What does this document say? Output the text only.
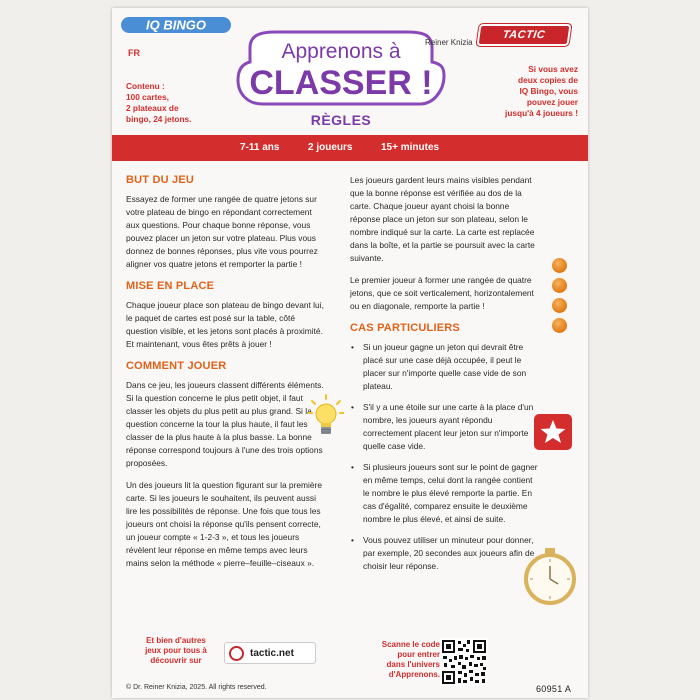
IQ BINGO
FR
Contenu :
100 cartes,
2 plateaux de
bingo, 24 jetons.
Apprenons à
CLASSER !
RÈGLES
Reiner Knizia
TACTIC
Si vous avez
deux copies de
IQ Bingo, vous
pouvez jouer
jusqu'à 4 joueurs !
7-11 ans	2 joueurs	15+ minutes
BUT DU JEU

Essayez de former une rangée de quatre jetons sur votre plateau de bingo en répondant correctement aux questions. Pour chaque bonne réponse, vous pouvez placer un jeton sur votre plateau. Plus vous donnez de bonnes réponses, plus vite vous pourrez aligner vos quatre jetons et remporter la partie !

MISE EN PLACE

Chaque joueur place son plateau de bingo devant lui, le paquet de cartes est posé sur la table, côté question visible, et les jetons sont placés à proximité. Et maintenant, vous êtes prêts à jouer !

COMMENT JOUER

Dans ce jeu, les joueurs classent différents éléments. Si la question concerne le plus petit objet, il faut classer les objets du plus petit au plus grand. Si la question concerne la tour la plus haute, il faut les classer de la plus haute à la plus basse. La bonne réponse correspond toujours à l'une des trois options proposées.

Un des joueurs lit la question figurant sur la première carte. Si les joueurs le souhaitent, ils peuvent aussi lire les possibilités de réponse. Une fois que tous les joueurs ont choisi la réponse qu'ils pensent correcte, un joueur compte « 1-2-3 », et tous les joueurs révèlent leur réponse en même temps avec leurs mains selon la méthode « pierre–feuille–ciseaux ».

Les joueurs gardent leurs mains visibles pendant que la bonne réponse est vérifiée au dos de la carte. Chaque joueur ayant choisi la bonne réponse place un jeton sur son plateau, selon le nombre indiqué sur la carte. La carte est replacée dans la boîte, et la partie se poursuit avec la carte suivante.

Le premier joueur à former une rangée de quatre jetons, que ce soit verticalement, horizontalement ou en diagonale, remporte la partie !

CAS PARTICULIERS
• Si un joueur gagne un jeton qui devrait être placé sur une case déjà occupée, il peut le placer sur n'importe quelle case vide de son plateau.
• S'il y a une étoile sur une carte à la place d'un nombre, les joueurs ayant répondu correctement placent leur jeton sur n'importe quelle case vide.
• Si plusieurs joueurs sont sur le point de gagner en même temps, celui dont la rangée contient le nombre le plus élevé remporte la partie. En cas d'égalité, comparez ensuite le deuxième nombre le plus élevé, et ainsi de suite.
• Vous pouvez utiliser un minuteur pour donner, par exemple, 20 secondes aux joueurs afin de choisir leur réponse.
Et bien d'autres
jeux pour tous à
découvrir sur
tactic.net
Scanne le code
pour entrer
dans l'univers
d'Apprenons.
© Dr. Reiner Knizia, 2025. All rights reserved.	60951 A
